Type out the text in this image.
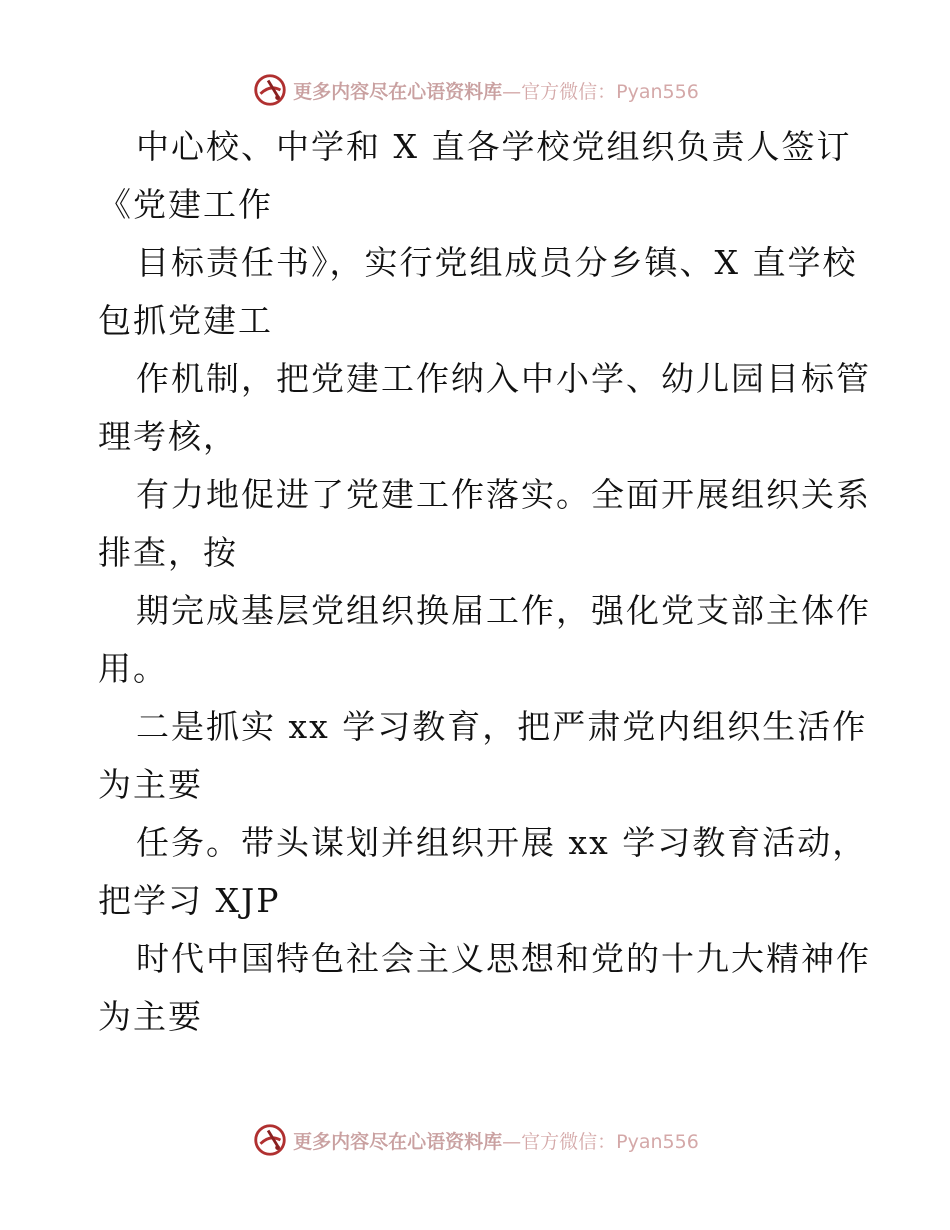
更多内容尽在心语资料库 —官方微信：Pyan556
中心校、中学和 X 直各学校党组织负责人签订
《党建工作
目标责任书》，实行党组成员分乡镇、X 直学校
包抓党建工
作机制，把党建工作纳入中小学、幼儿园目标管
理考核，
有力地促进了党建工作落实。全面开展组织关系
排查，按
期完成基层党组织换届工作，强化党支部主体作
用。
二是抓实 xx 学习教育，把严肃党内组织生活作
为主要
任务。带头谋划并组织开展 xx 学习教育活动，
把学习 XJP
时代中国特色社会主义思想和党的十九大精神作
为主要
更多内容尽在心语资料库 —官方微信：Pyan556
